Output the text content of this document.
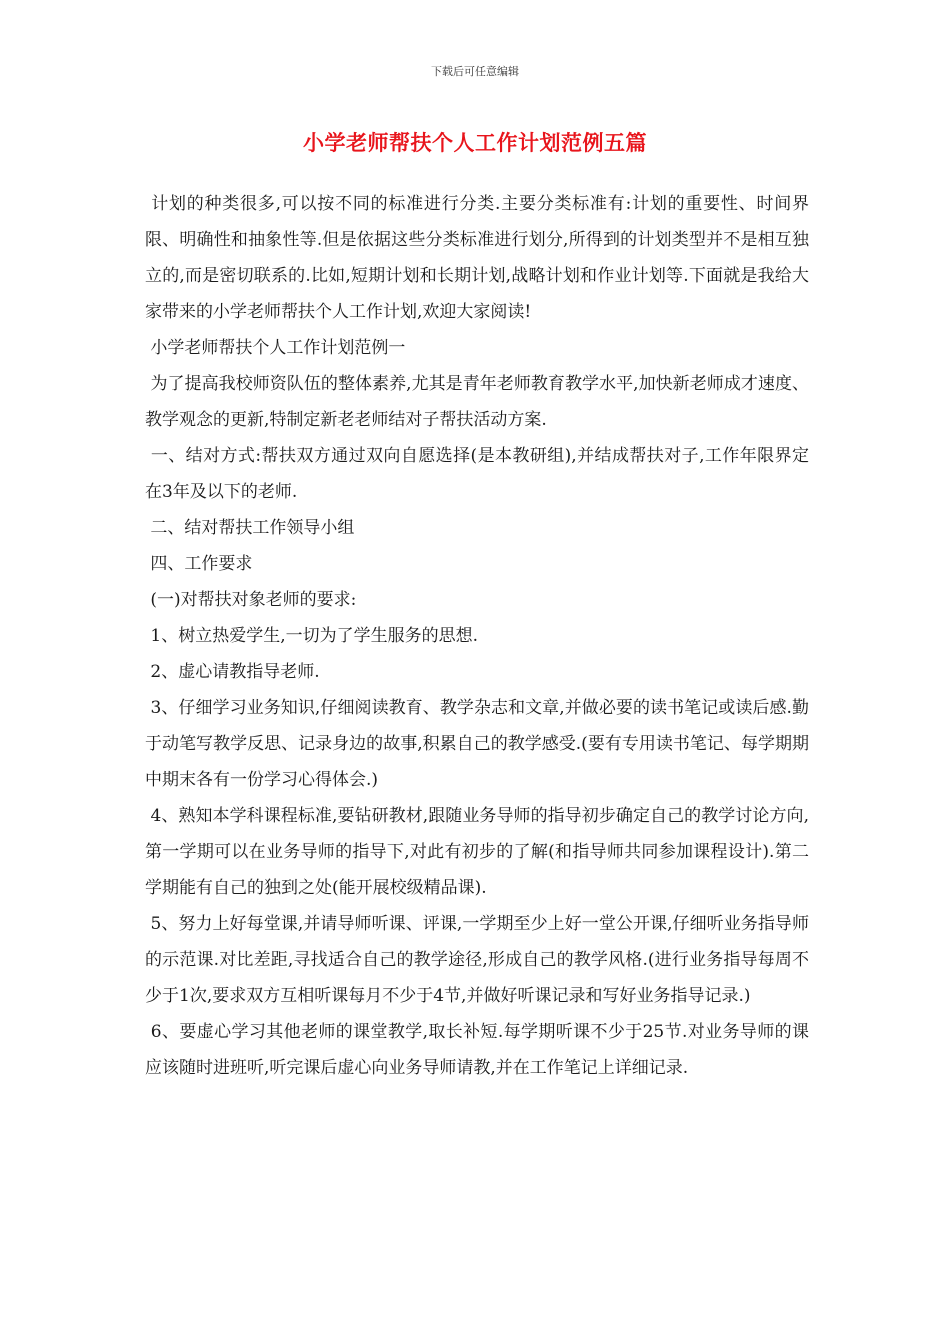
下载后可任意编辑
小学老师帮扶个人工作计划范例五篇

计划的种类很多,可以按不同的标准进行分类.主要分类标准有:计划的重要性、时间界限、明确性和抽象性等.但是依据这些分类标准进行划分,所得到的计划类型并不是相互独立的,而是密切联系的.比如,短期计划和长期计划,战略计划和作业计划等.下面就是我给大家带来的小学老师帮扶个人工作计划,欢迎大家阅读!

小学老师帮扶个人工作计划范例一

为了提高我校师资队伍的整体素养,尤其是青年老师教育教学水平,加快新老师成才速度、教学观念的更新,特制定新老老师结对子帮扶活动方案.

一、结对方式:帮扶双方通过双向自愿选择(是本教研组),并结成帮扶对子,工作年限界定在3年及以下的老师.

二、结对帮扶工作领导小组

四、工作要求

(一)对帮扶对象老师的要求:

1、树立热爱学生,一切为了学生服务的思想.

2、虚心请教指导老师.

3、仔细学习业务知识,仔细阅读教育、教学杂志和文章,并做必要的读书笔记或读后感.勤于动笔写教学反思、记录身边的故事,积累自己的教学感受.(要有专用读书笔记、每学期期中期末各有一份学习心得体会.)

4、熟知本学科课程标准,要钻研教材,跟随业务导师的指导初步确定自己的教学讨论方向,第一学期可以在业务导师的指导下,对此有初步的了解(和指导师共同参加课程设计).第二学期能有自己的独到之处(能开展校级精品课).

5、努力上好每堂课,并请导师听课、评课,一学期至少上好一堂公开课,仔细听业务指导师的示范课.对比差距,寻找适合自己的教学途径,形成自己的教学风格.(进行业务指导每周不少于1次,要求双方互相听课每月不少于4节,并做好听课记录和写好业务指导记录.)

6、要虚心学习其他老师的课堂教学,取长补短.每学期听课不少于25节.对业务导师的课应该随时进班听,听完课后虚心向业务导师请教,并在工作笔记上详细记录.
